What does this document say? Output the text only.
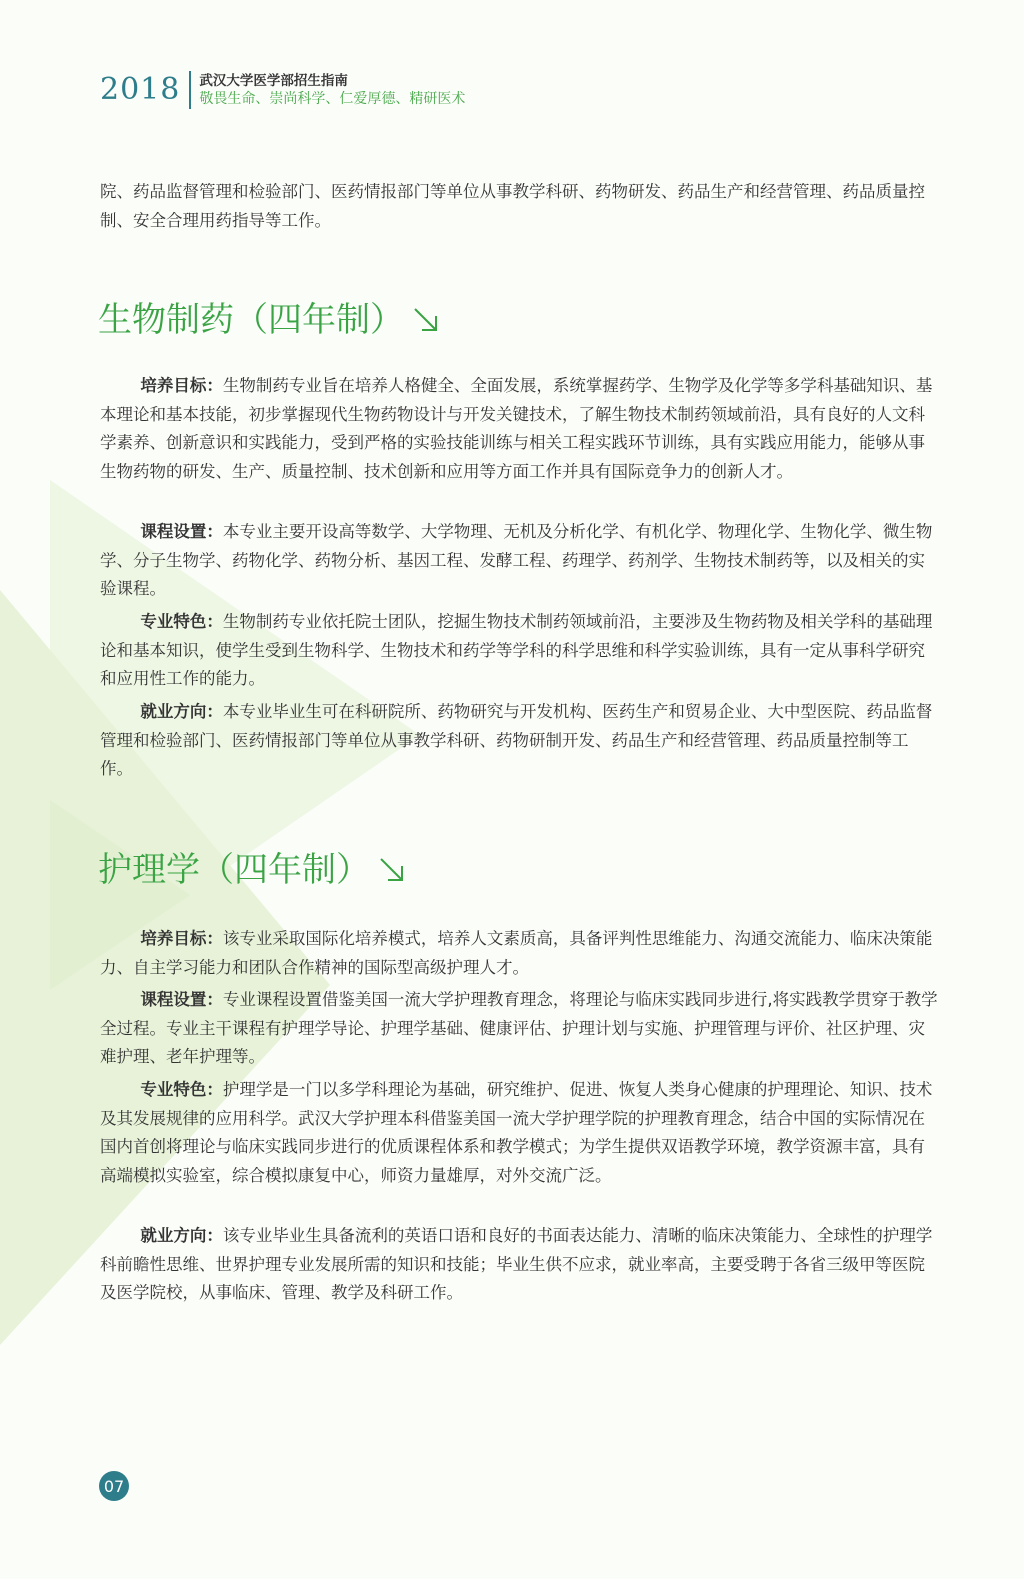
2018 武汉大学医学部招生指南
敬畏生命、崇尚科学、仁爱厚德、精研医术

院、药品监督管理和检验部门、医药情报部门等单位从事教学科研、药物研发、药品生产和经营管理、药品质量控制、安全合理用药指导等工作。

生物制药（四年制）

培养目标：生物制药专业旨在培养人格健全、全面发展，系统掌握药学、生物学及化学等多学科基础知识、基本理论和基本技能，初步掌握现代生物药物设计与开发关键技术，了解生物技术制药领域前沿，具有良好的人文科学素养、创新意识和实践能力，受到严格的实验技能训练与相关工程实践环节训练，具有实践应用能力，能够从事生物药物的研发、生产、质量控制、技术创新和应用等方面工作并具有国际竞争力的创新人才。

课程设置：本专业主要开设高等数学、大学物理、无机及分析化学、有机化学、物理化学、生物化学、微生物学、分子生物学、药物化学、药物分析、基因工程、发酵工程、药理学、药剂学、生物技术制药等，以及相关的实验课程。

专业特色：生物制药专业依托院士团队，挖掘生物技术制药领域前沿，主要涉及生物药物及相关学科的基础理论和基本知识，使学生受到生物科学、生物技术和药学等学科的科学思维和科学实验训练，具有一定从事科学研究和应用性工作的能力。

就业方向：本专业毕业生可在科研院所、药物研究与开发机构、医药生产和贸易企业、大中型医院、药品监督管理和检验部门、医药情报部门等单位从事教学科研、药物研制开发、药品生产和经营管理、药品质量控制等工作。

护理学（四年制）

培养目标：该专业采取国际化培养模式，培养人文素质高，具备评判性思维能力、沟通交流能力、临床决策能力、自主学习能力和团队合作精神的国际型高级护理人才。

课程设置：专业课程设置借鉴美国一流大学护理教育理念，将理论与临床实践同步进行,将实践教学贯穿于教学全过程。专业主干课程有护理学导论、护理学基础、健康评估、护理计划与实施、护理管理与评价、社区护理、灾难护理、老年护理等。

专业特色：护理学是一门以多学科理论为基础，研究维护、促进、恢复人类身心健康的护理理论、知识、技术及其发展规律的应用科学。武汉大学护理本科借鉴美国一流大学护理学院的护理教育理念，结合中国的实际情况在国内首创将理论与临床实践同步进行的优质课程体系和教学模式；为学生提供双语教学环境，教学资源丰富，具有高端模拟实验室，综合模拟康复中心，师资力量雄厚，对外交流广泛。

就业方向：该专业毕业生具备流利的英语口语和良好的书面表达能力、清晰的临床决策能力、全球性的护理学科前瞻性思维、世界护理专业发展所需的知识和技能；毕业生供不应求，就业率高，主要受聘于各省三级甲等医院及医学院校，从事临床、管理、教学及科研工作。

07
